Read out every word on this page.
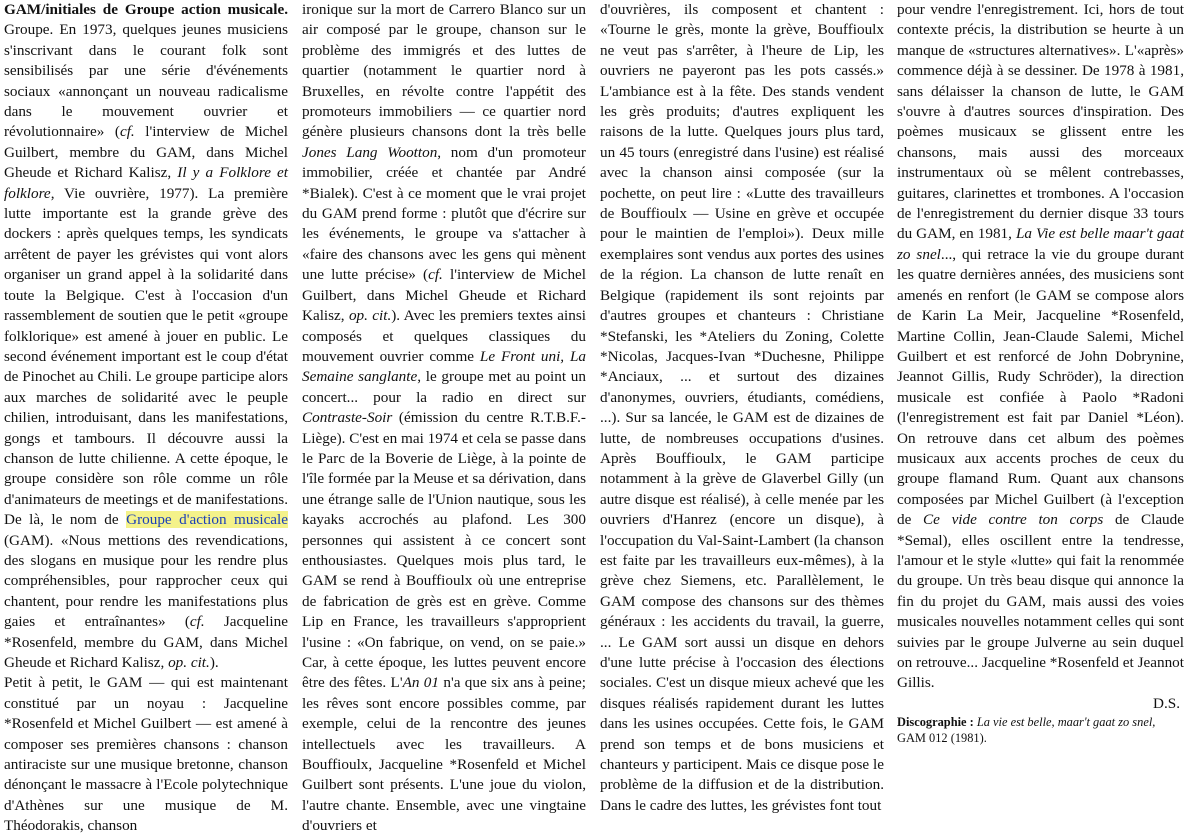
GAM/initiales de Groupe action musicale. Groupe. En 1973, quelques jeunes musiciens s'inscrivant dans le courant folk sont sensibilisés par une série d'événements sociaux «annonçant un nouveau radicalisme dans le mouvement ouvrier et révolutionnaire» (cf. l'interview de Michel Guilbert, membre du GAM, dans Michel Gheude et Richard Kalisz, Il y a Folklore et folklore, Vie ouvrière, 1977). La première lutte importante est la grande grève des dockers : après quelques temps, les syndicats arrêtent de payer les grévistes qui vont alors organiser un grand appel à la solidarité dans toute la Belgique. C'est à l'occasion d'un rassemblement de soutien que le petit «groupe folklorique» est amené à jouer en public. Le second événement important est le coup d'état de Pinochet au Chili. Le groupe participe alors aux marches de solidarité avec le peuple chilien, introduisant, dans les manifestations, gongs et tambours. Il découvre aussi la chanson de lutte chilienne. A cette époque, le groupe considère son rôle comme un rôle d'animateurs de meetings et de manifestations. De là, le nom de Groupe d'action musicale (GAM). «Nous mettions des revendications, des slogans en musique pour les rendre plus compréhensibles, pour rapprocher ceux qui chantent, pour rendre les manifestations plus gaies et entraînantes» (cf. Jacqueline *Rosenfeld, membre du GAM, dans Michel Gheude et Richard Kalisz, op. cit.).

Petit à petit, le GAM — qui est maintenant constitué par un noyau : Jacqueline *Rosenfeld et Michel Guilbert — est amené à composer ses premières chansons : chanson antiraciste sur une musique bretonne, chanson dénonçant le massacre à l'Ecole polytechnique d'Athènes sur une musique de M. Théodorakis, chanson

ironique sur la mort de Carrero Blanco sur un air composé par le groupe, chanson sur le problème des immigrés et des luttes de quartier (notamment le quartier nord à Bruxelles, en révolte contre l'appétit des promoteurs immobiliers — ce quartier nord génère plusieurs chansons dont la très belle Jones Lang Wootton, nom d'un promoteur immobilier, créée et chantée par André *Bialek). C'est à ce moment que le vrai projet du GAM prend forme : plutôt que d'écrire sur les événements, le groupe va s'attacher à «faire des chansons avec les gens qui mènent une lutte précise» (cf. l'interview de Michel Guilbert, dans Michel Gheude et Richard Kalisz, op. cit.). Avec les premiers textes ainsi composés et quelques classiques du mouvement ouvrier comme Le Front uni, La Semaine sanglante, le groupe met au point un concert... pour la radio en direct sur Contraste-Soir (émission du centre R.T.B.F.-Liège). C'est en mai 1974 et cela se passe dans le Parc de la Boverie de Liège, à la pointe de l'île formée par la Meuse et sa dérivation, dans une étrange salle de l'Union nautique, sous les kayaks accrochés au plafond. Les 300 personnes qui assistent à ce concert sont enthousiastes. Quelques mois plus tard, le GAM se rend à Bouffioulx où une entreprise de fabrication de grès est en grève. Comme Lip en France, les travailleurs s'approprient l'usine : «On fabrique, on vend, on se paie.» Car, à cette époque, les luttes peuvent encore être des fêtes. L'An 01 n'a que six ans à peine; les rêves sont encore possibles comme, par exemple, celui de la rencontre des jeunes intellectuels avec les travailleurs. A Bouffioulx, Jacqueline *Rosenfeld et Michel Guilbert sont présents. L'une joue du violon, l'autre chante. Ensemble, avec une vingtaine d'ouvriers et

d'ouvrières, ils composent et chantent : «Tourne le grès, monte la grève, Bouffioulx ne veut pas s'arrêter, à l'heure de Lip, les ouvriers ne payeront pas les pots cassés.» L'ambiance est à la fête. Des stands vendent les grès produits; d'autres expliquent les raisons de la lutte. Quelques jours plus tard, un 45 tours (enregistré dans l'usine) est réalisé avec la chanson ainsi composée (sur la pochette, on peut lire : «Lutte des travailleurs de Bouffioulx — Usine en grève et occupée pour le maintien de l'emploi»). Deux mille exemplaires sont vendus aux portes des usines de la région. La chanson de lutte renaît en Belgique (rapidement ils sont rejoints par d'autres groupes et chanteurs : Christiane *Stefanski, les *Ateliers du Zoning, Colette *Nicolas, Jacques-Ivan *Duchesne, Philippe *Anciaux, ... et surtout des dizaines d'anonymes, ouvriers, étudiants, comédiens, ...). Sur sa lancée, le GAM est de dizaines de lutte, de nombreuses occupations d'usines. Après Bouffioulx, le GAM participe notamment à la grève de Glaverbel Gilly (un autre disque est réalisé), à celle menée par les ouvriers d'Hanrez (encore un disque), à l'occupation du Val-Saint-Lambert (la chanson est faite par les travailleurs eux-mêmes), à la grève chez Siemens, etc. Parallèlement, le GAM compose des chansons sur des thèmes généraux : les accidents du travail, la guerre, ... Le GAM sort aussi un disque en dehors d'une lutte précise à l'occasion des élections sociales. C'est un disque mieux achevé que les disques réalisés rapidement durant les luttes dans les usines occupées. Cette fois, le GAM prend son temps et de bons musiciens et chanteurs y participent. Mais ce disque pose le problème de la diffusion et de la distribution. Dans le cadre des luttes, les grévistes font tout

pour vendre l'enregistrement. Ici, hors de tout contexte précis, la distribution se heurte à un manque de «structures alternatives». L'«après» commence déjà à se dessiner. De 1978 à 1981, sans délaisser la chanson de lutte, le GAM s'ouvre à d'autres sources d'inspiration. Des poèmes musicaux se glissent entre les chansons, mais aussi des morceaux instrumentaux où se mêlent contrebasses, guitares, clarinettes et trombones. A l'occasion de l'enregistrement du dernier disque 33 tours du GAM, en 1981, La Vie est belle maar't gaat zo snel..., qui retrace la vie du groupe durant les quatre dernières années, des musiciens sont amenés en renfort (le GAM se compose alors de Karin La Meir, Jacqueline *Rosenfeld, Martine Collin, Jean-Claude Salemi, Michel Guilbert et est renforcé de John Dobrynine, Jeannot Gillis, Rudy Schröder), la direction musicale est confiée à Paolo *Radoni (l'enregistrement est fait par Daniel *Léon). On retrouve dans cet album des poèmes musicaux aux accents proches de ceux du groupe flamand Rum. Quant aux chansons composées par Michel Guilbert (à l'exception de Ce vide contre ton corps de Claude *Semal), elles oscillent entre la tendresse, l'amour et le style «lutte» qui fait la renommée du groupe. Un très beau disque qui annonce la fin du projet du GAM, mais aussi des voies musicales nouvelles notamment celles qui sont suivies par le groupe Julverne au sein duquel on retrouve... Jacqueline *Rosenfeld et Jeannot Gillis.

D.S.

Discographie : La vie est belle, maar't gaat zo snel, GAM 012 (1981).
